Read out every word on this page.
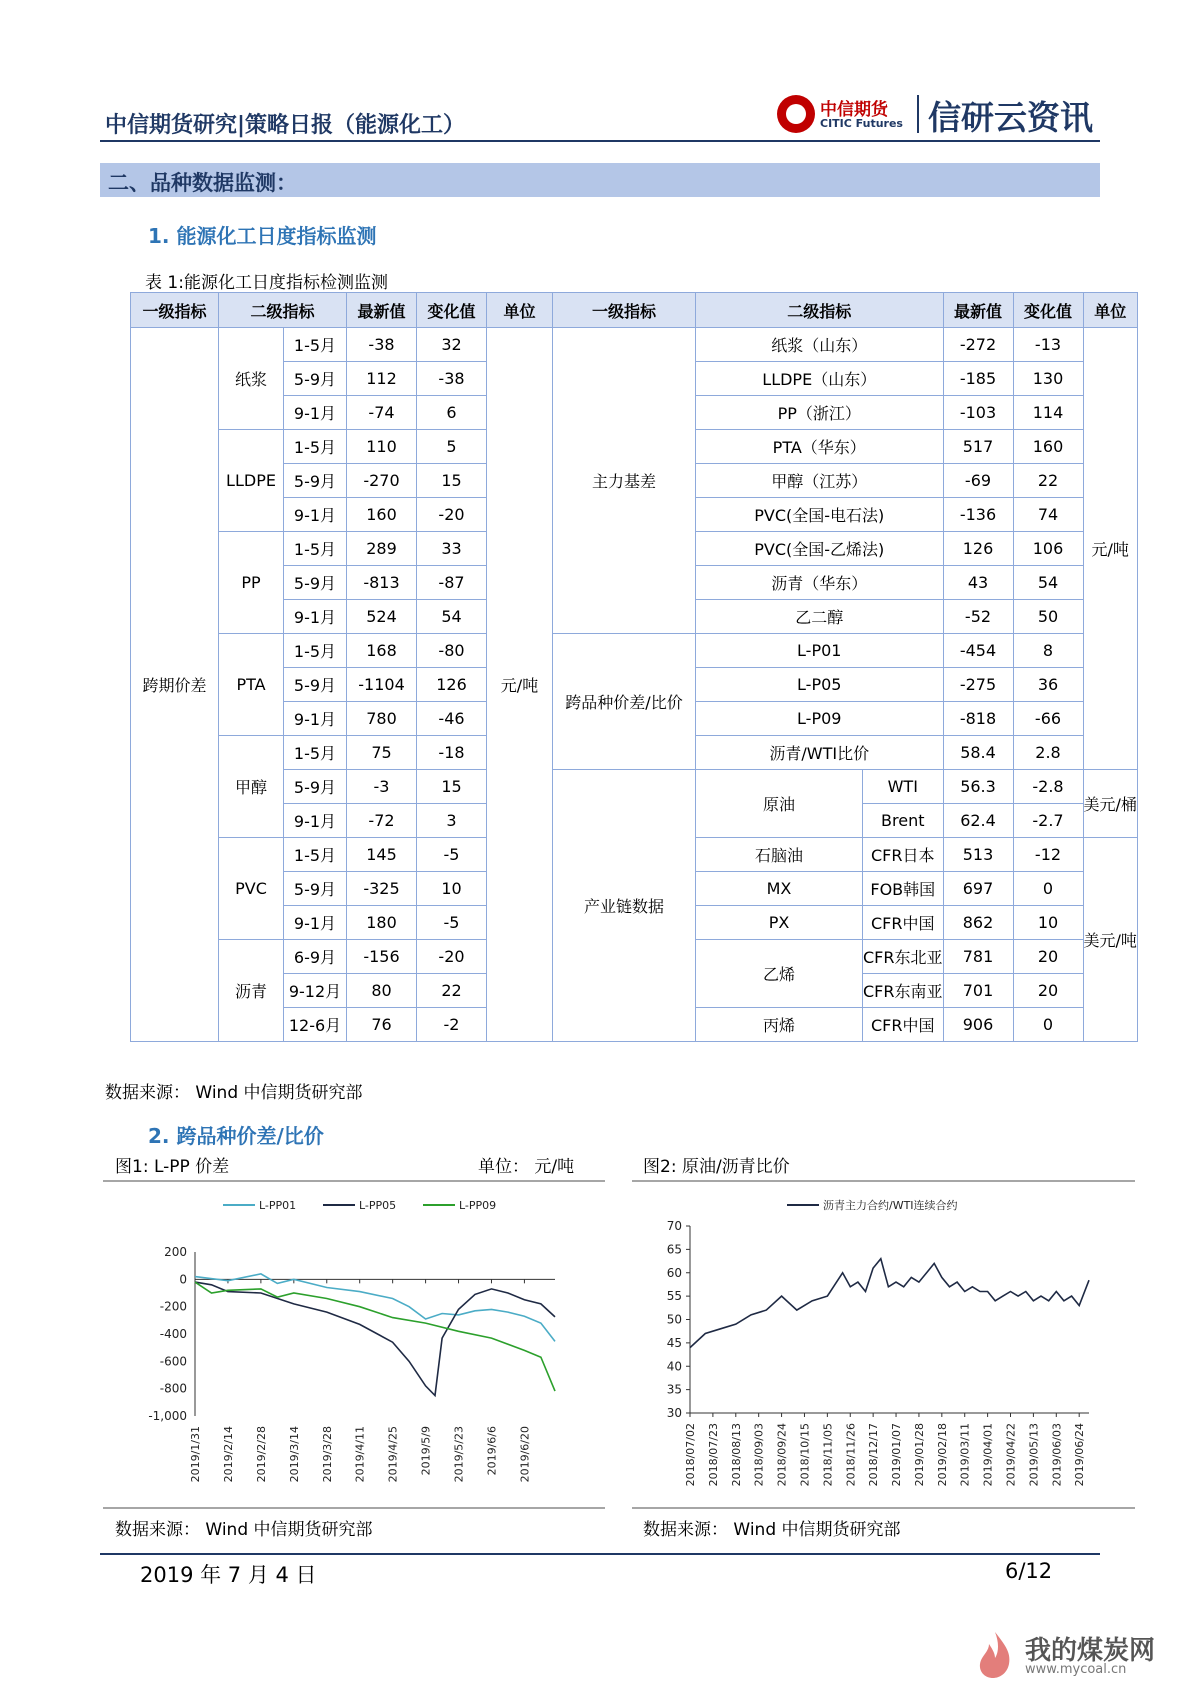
中信期货研究|策略日报（能源化工）
中信期货
CITIC Futures 信研云资讯
二、品种数据监测：
1. 能源化工日度指标监测
表 1:能源化工日度指标检测监测
一级指标	二级指标		最新值	变化值	单位	一级指标	二级指标		最新值	变化值	单位
跨期价差	纸浆	1-5月	-38	32	元/吨	主力基差	纸浆（山东）		-272	-13	元/吨
		5-9月	112	-38			LLDPE（山东）		-185	130	
		9-1月	-74	6			PP（浙江）		-103	114	
	LLDPE	1-5月	110	5			PTA（华东）		517	160	
		5-9月	-270	15			甲醇（江苏）		-69	22	
		9-1月	160	-20			PVC(全国-电石法)		-136	74	
	PP	1-5月	289	33			PVC(全国-乙烯法)		126	106	
		5-9月	-813	-87			沥青（华东）		43	54	
		9-1月	524	54			乙二醇		-52	50	
	PTA	1-5月	168	-80		跨品种价差/比价	L-P01		-454	8	
		5-9月	-1104	126			L-P05		-275	36	
		9-1月	780	-46			L-P09		-818	-66	
	甲醇	1-5月	75	-18			沥青/WTI比价		58.4	2.8	
		5-9月	-3	15		产业链数据	原油	WTI	56.3	-2.8	美元/桶
		9-1月	-72	3				Brent	62.4	-2.7	
	PVC	1-5月	145	-5			石脑油	CFR日本	513	-12	美元/吨
		5-9月	-325	10			MX	FOB韩国	697	0	
		9-1月	180	-5			PX	CFR中国	862	10	
	沥青	6-9月	-156	-20			乙烯	CFR东北亚	781	20	
		9-12月	80	22				CFR东南亚	701	20	
		12-6月	76	-2			丙烯	CFR中国	906	0	
数据来源： Wind 中信期货研究部
2. 跨品种价差/比价
图1: L-PP 价差	单位： 元/吨
200
0
-200
-400
-600
-800
-1,000
2019/1/31 2019/2/14 2019/2/28 2019/3/14 2019/3/28 2019/4/11 2019/4/25 2019/5/9 2019/5/23 2019/6/6 2019/6/20
L-PP01	L-PP05	L-PP09
数据来源： Wind 中信期货研究部
图2: 原油/沥青比价
70
65
60
55
50
45
40
35
30
2018/07/02 2018/07/23 2018/08/13 2018/09/03 2018/09/24 2018/10/15 2018/11/05 2018/11/26 2018/12/17 2019/01/07 2019/01/28 2019/02/18 2019/03/11 2019/04/01 2019/04/22 2019/05/13 2019/06/03 2019/06/24
沥青主力合约/WTI连续合约
数据来源： Wind 中信期货研究部
2019 年 7 月 4 日	6/12
我的煤炭网
www.mycoal.cn
